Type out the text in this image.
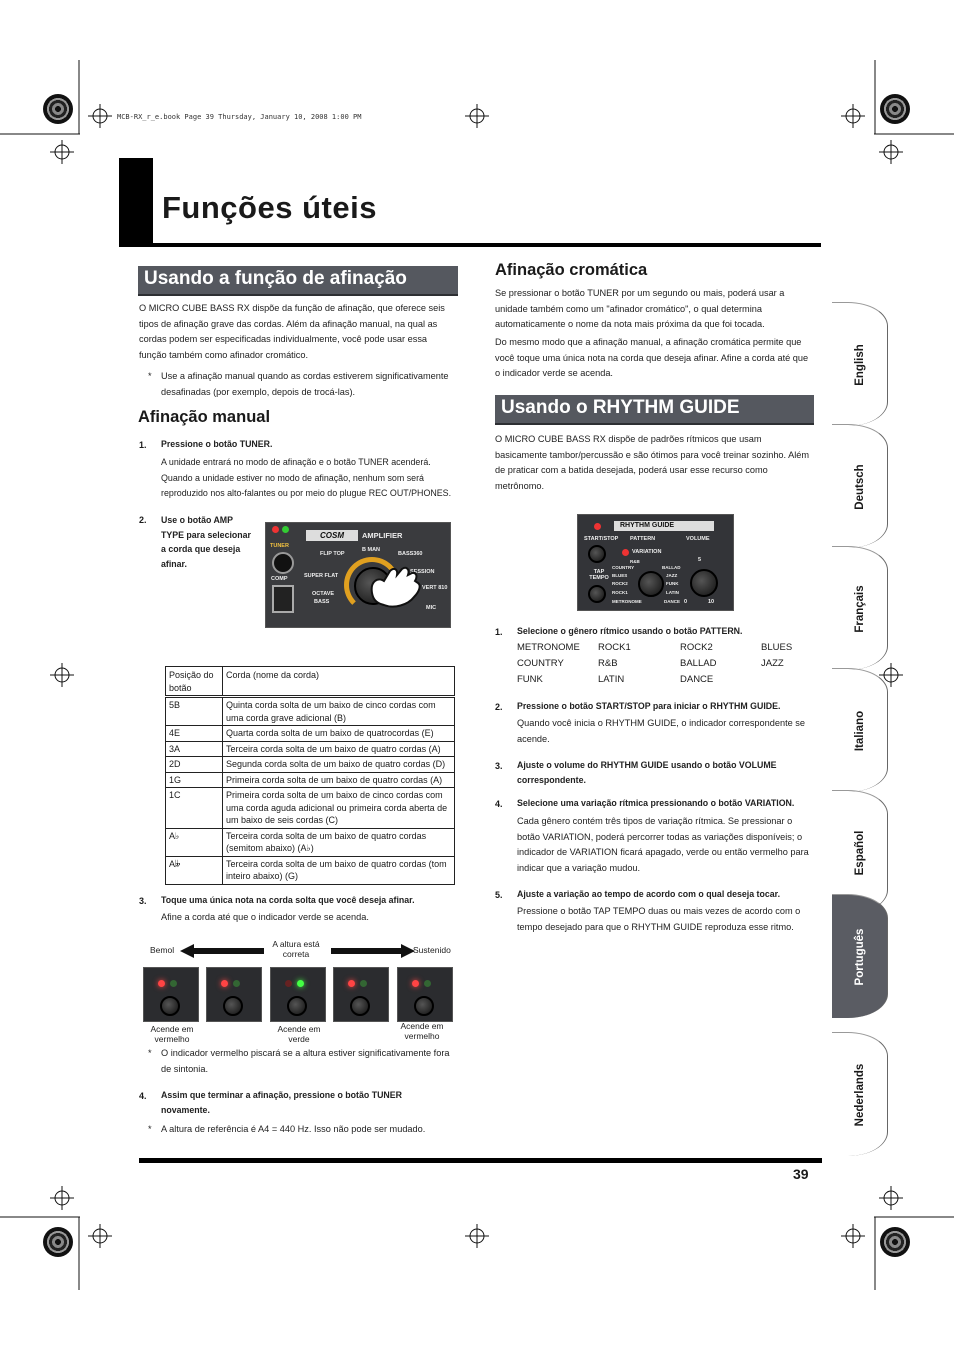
MCB-RX_r_e.book Page 39 Thursday, January 10, 2008 1:00 PM
Funções úteis
Usando a função de afinação
O MICRO CUBE BASS RX dispõe da função de afinação, que oferece seis tipos de afinação grave das cordas. Além da afinação manual, na qual as cordas podem ser especificadas individualmente, você pode usar essa função também como afinador cromático.
* Use a afinação manual quando as cordas estiverem significativamente desafinadas (por exemplo, depois de trocá-las).
Afinação manual
1. Pressione o botão TUNER.
A unidade entrará no modo de afinação e o botão TUNER acenderá. Quando a unidade estiver no modo de afinação, nenhum som será reproduzido nos alto-falantes ou por meio do plugue REC OUT/PHONES.
2. Use o botão AMP TYPE para selecionar a corda que deseja afinar.
TUNER
COSM	AMPLIFIER
COMP
FLIP TOP
B MAN
BASS360
SUPER FLAT
SESSION
OCTAVE
BASS
VERT 810
MIC
Posição do botão	Corda (nome da corda)
5B	Quinta corda solta de um baixo de cinco cordas com uma corda grave adicional (B)
4E	Quarta corda solta de um baixo de quatrocordas (E)
3A	Terceira corda solta de um baixo de quatro cordas (A)
2D	Segunda corda solta de um baixo de quatro cordas (D)
1G	Primeira corda solta de um baixo de quatro cordas (A)
1C	Primeira corda solta de um baixo de cinco cordas com uma corda aguda adicional ou primeira corda aberta de um baixo de seis cordas (C)
A♭	Terceira corda solta de um baixo de quatro cordas (semitom abaixo) (A♭)
A𝄫	Terceira corda solta de um baixo de quatro cordas (tom inteiro abaixo) (G)
3. Toque uma única nota na corda solta que você deseja afinar.
Afine a corda até que o indicador verde se acenda.
Bemol
A altura está correta	Sustenido
Acende em vermelho
Acende em verde
Acende em vermelho
* O indicador vermelho piscará se a altura estiver significativamente fora de sintonia.
4. Assim que terminar a afinação, pressione o botão TUNER novamente.
* A altura de referência é A4 = 440 Hz. Isso não pode ser mudado.
Afinação cromática
Se pressionar o botão TUNER por um segundo ou mais, poderá usar a unidade também como um "afinador cromático", o qual determina automaticamente o nome da nota mais próxima da que foi tocada.
Do mesmo modo que a afinação manual, a afinação cromática permite que você toque uma única nota na corda que deseja afinar. Afine a corda até que o indicador verde se acenda.
Usando o RHYTHM GUIDE
O MICRO CUBE BASS RX dispõe de padrões rítmicos que usam basicamente tambor/percussão e são ótimos para você treinar sozinho. Além de praticar com a batida desejada, poderá usar esse recurso como metrônomo.
RHYTHM GUIDE
START/STOP PATTERN	VOLUME
VARIATION
TAP TEMPO
COUNTRY
R&B
BLUES
ROCK2
ROCK1
METRONOME
BALLAD
JAZZ
FUNK
LATIN
DANCE
5
0	10
1. Selecione o gênero rítmico usando o botão PATTERN.
METRONOME	ROCK1	ROCK2	BLUES
COUNTRY	R&B	BALLAD	JAZZ
FUNK	LATIN	DANCE
2. Pressione o botão START/STOP para iniciar o RHYTHM GUIDE.
Quando você inicia o RHYTHM GUIDE, o indicador correspondente se acende.
3. Ajuste o volume do RHYTHM GUIDE usando o botão VOLUME correspondente.
4. Selecione uma variação rítmica pressionando o botão VARIATION.
Cada gênero contém três tipos de variação rítmica. Se pressionar o botão VARIATION, poderá percorrer todas as variações disponíveis; o indicador de VARIATION ficará apagado, verde ou então vermelho para indicar que a variação mudou.
5. Ajuste a variação ao tempo de acordo com o qual deseja tocar.
Pressione o botão TAP TEMPO duas ou mais vezes de acordo com o tempo desejado para que o RHYTHM GUIDE reproduza esse ritmo.
English
Deutsch
Français
Italiano
Español
Português
Nederlands
39
